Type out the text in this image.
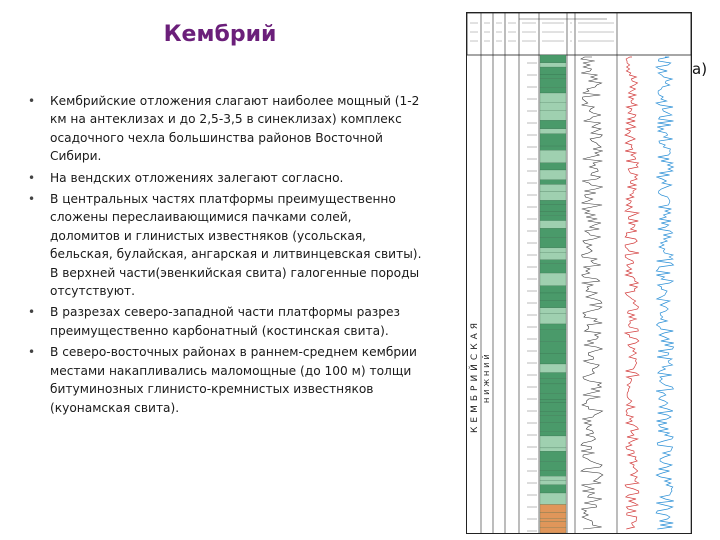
Кембрий
• Кембрийские отложения слагают наиболее мощный (1-2 км на антеклизах и до 2,5-3,5 в синеклизах) комплекс осадочного чехла большинства районов Восточной Сибири.
• На вендских отложениях залегают согласно.
• В центральных частях платформы преимущественно сложены переслаивающимися пачками солей, доломитов и глинистых известняков (усольская, бельская, булайская, ангарская и литвинцевская свиты). В верхней части(эвенкийская свита) галогенные породы отсутствуют.
• В разрезах северо-западной части платформы разрез преимущественно карбонатный (костинская свита).
• В северо-восточных районах в раннем-среднем кембрии местами накапливались маломощные (до 100 м) толщи битуминозных глинисто-кремнистых известняков (куонамская свита).
а)
КЕМБРИЙСКАЯ НИЖНИЙ
